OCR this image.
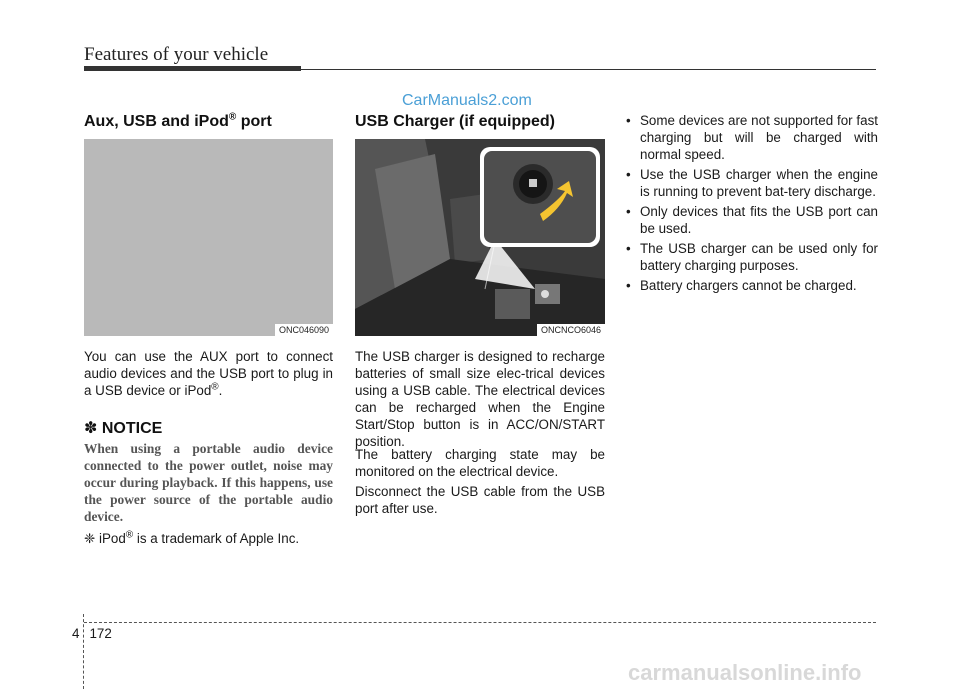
Features of your vehicle
CarManuals2.com
Aux, USB and iPod® port
ONC046090
You can use the AUX port to connect audio devices and the USB port to plug in a USB device or iPod®.
✽ NOTICE
When using a portable audio device connected to the power outlet, noise may occur during playback. If this happens, use the power source of the portable audio device.
❈ iPod® is a trademark of Apple Inc.
USB Charger (if equipped)
ONCNCO6046
The USB charger is designed to recharge batteries of small size elec-trical devices using a USB cable. The electrical devices can be recharged when the Engine Start/Stop button is in ACC/ON/START position.
The battery charging state may be monitored on the electrical device.
Disconnect the USB cable from the USB port after use.
• Some devices are not supported for fast charging but will be charged with normal speed.
• Use the USB charger when the engine is running to prevent bat-tery discharge.
• Only devices that fits the USB port can be used.
• The USB charger can be used only for battery charging purposes.
• Battery chargers cannot be charged.
4 172
carmanualsonline.info
